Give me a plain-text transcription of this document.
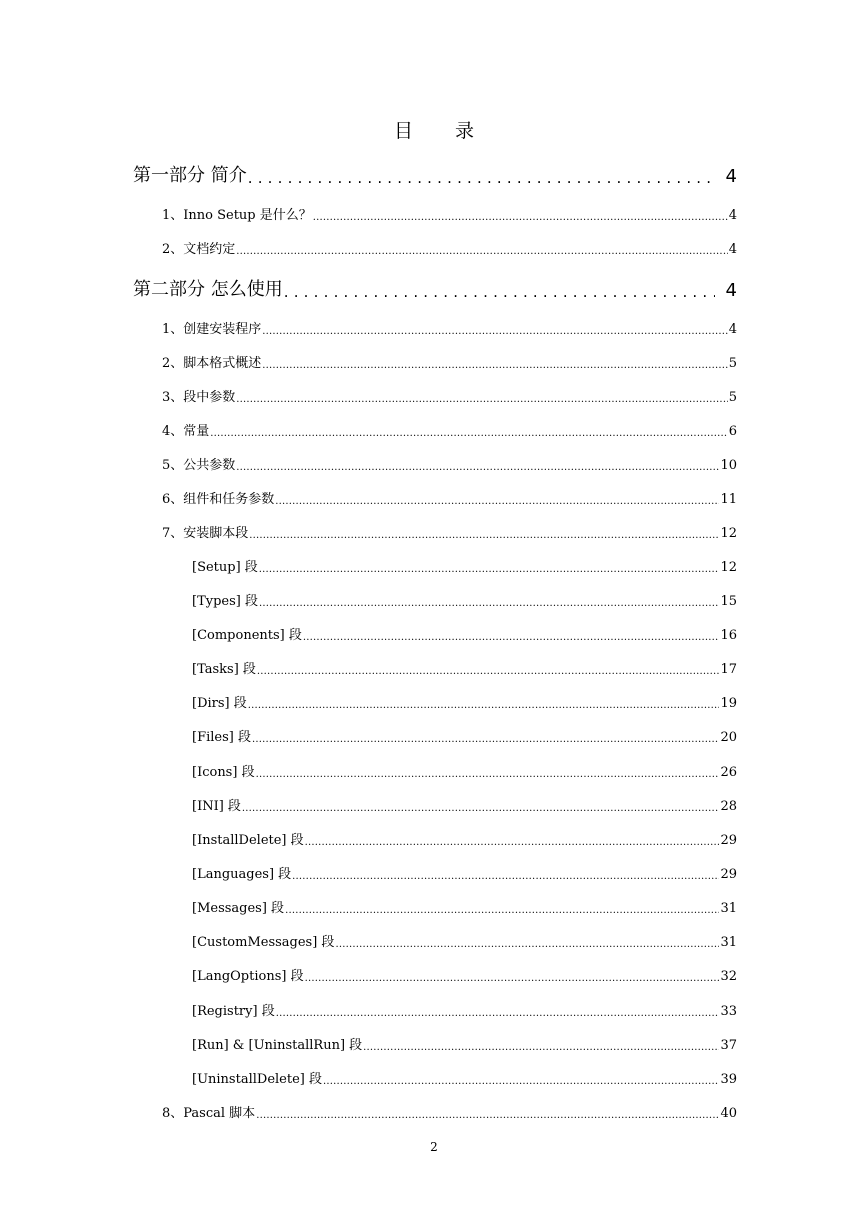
目 录
第一部分 简介 .....	4
1、Inno Setup 是什么？ .....	4
2、文档约定 .....	4
第二部分 怎么使用 .....	4
1、创建安装程序 .....	4
2、脚本格式概述 .....	5
3、段中参数 .....	5
4、常量 .....	6
5、公共参数 .....	10
6、组件和任务参数 .....	11
7、安装脚本段 .....	12
[Setup] 段 .....	12
[Types] 段 .....	15
[Components] 段 .....	16
[Tasks] 段 .....	17
[Dirs] 段 .....	19
[Files] 段 .....	20
[Icons] 段 .....	26
[INI] 段 .....	28
[InstallDelete] 段 .....	29
[Languages] 段 .....	29
[Messages] 段 .....	31
[CustomMessages] 段 .....	31
[LangOptions] 段 .....	32
[Registry] 段 .....	33
[Run] & [UninstallRun] 段 .....	37
[UninstallDelete] 段 .....	39
8、Pascal 脚本 .....	40
2
